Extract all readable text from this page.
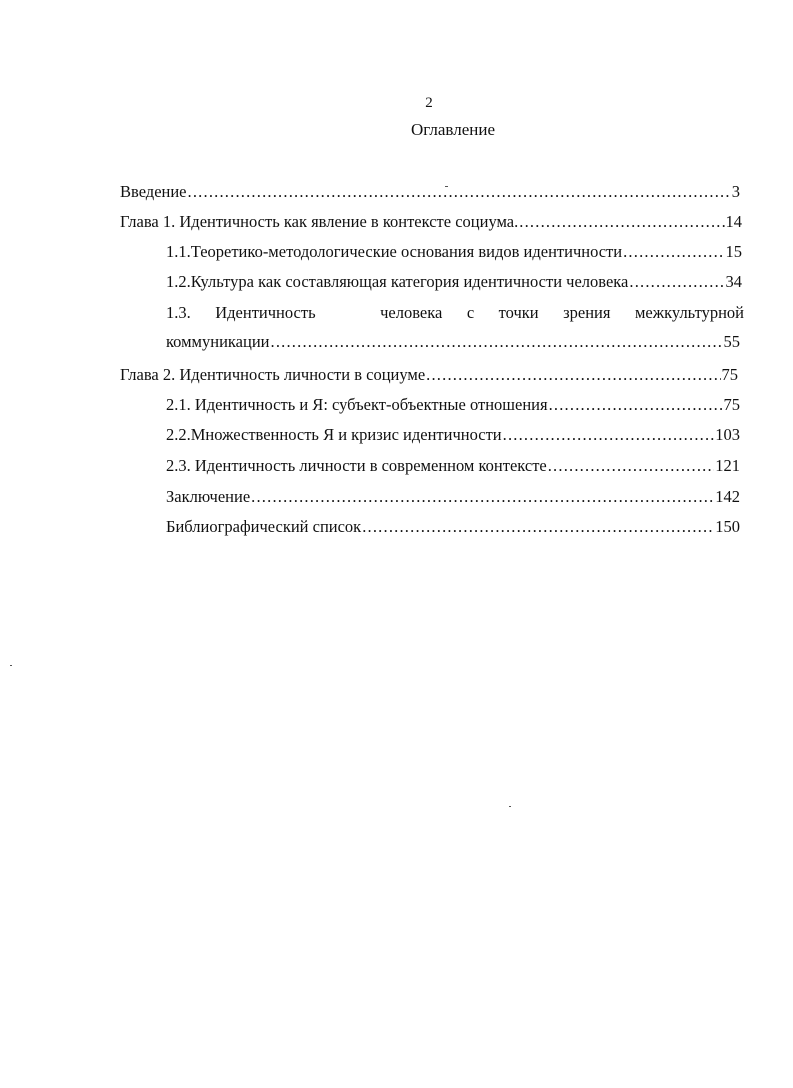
2
Оглавление
Введение .....	3
Глава 1. Идентичность как явление в контексте социума. .....	14
1.1. Теоретико-методологические основания видов идентичности .....	15
1.2. Культура как составляющая категория идентичности человека .....	34
1.3. Идентичность	человека с точки зрения межкультурной
коммуникации .....	55
Глава 2. Идентичность личности в социуме .....	75
2.1. Идентичность и Я: субъект-объектные отношения .....	75
2.2.Множественность Я и кризис идентичности .....	103
2.3. Идентичность личности в современном контексте .....	121
Заключение .....	142
Библиографический список .....	150
